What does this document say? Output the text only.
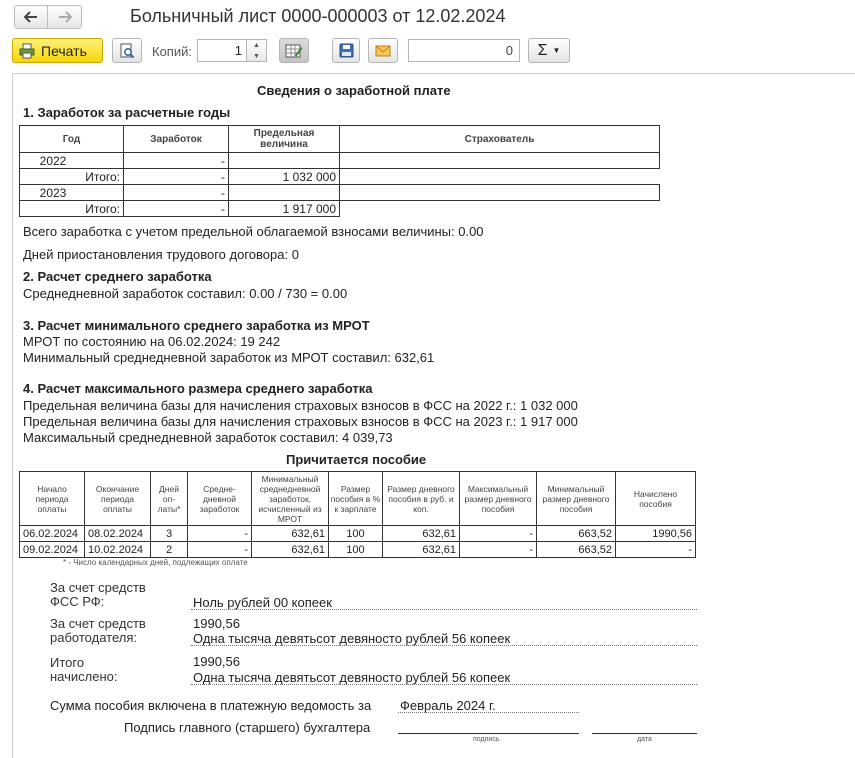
Больничный лист 0000-000003 от 12.02.2024
Печать	Копий:	1	▲
▼	0	Σ ▼
Сведения о заработной плате
1. Заработок за расчетные годы
Год	Заработок	Предельная величина	Страхователь
2022	-		
Итого:	-	1 032 000	
2023	-		
Итого:	-	1 917 000	
Всего заработка с учетом предельной облагаемой взносами величины: 0.00
Дней приостановления трудового договора: 0
2. Расчет среднего заработка
Среднедневной заработок составил: 0.00 / 730 = 0.00
3. Расчет минимального среднего заработка из МРОТ
МРОТ по состоянию на 06.02.2024: 19 242
Минимальный среднедневной заработок из МРОТ составил: 632,61
4. Расчет максимального размера среднего заработка
Предельная величина базы для начисления страховых взносов в ФСС на 2022 г.: 1 032 000
Предельная величина базы для начисления страховых взносов в ФСС на 2023 г.: 1 917 000
Максимальный среднедневной заработок составил: 4 039,73
Причитается пособие
Начало периода оплаты	Окончание периода оплаты	Дней оп-латы*	Средне-дневной заработок	Минимальный среднедневной заработок, исчисленный из МРОТ	Размер пособия в % к зарплате	Размер дневного пособия в руб. и коп.	Максимальный размер дневного пособия	Минимальный размер дневного пособия	Начислено пособия
06.02.2024	08.02.2024	3	-	632,61	100	632,61	-	663,52	1990,56
09.02.2024	10.02.2024	2	-	632,61	100	632,61	-	663,52	-
* - Число календарных дней, подлежащих оплате
За счет средств
ФСС РФ:	Ноль рублей 00 копеек
За счет средств
работодателя:
1990,56
Одна тысяча девятьсот девяносто рублей 56 копеек
Итого
начислено:
1990,56
Одна тысяча девятьсот девяносто рублей 56 копеек
Сумма пособия включена в платежную ведомость за Февраль 2024 г.
Подпись главного (старшего) бухгалтера
подпись	дата
